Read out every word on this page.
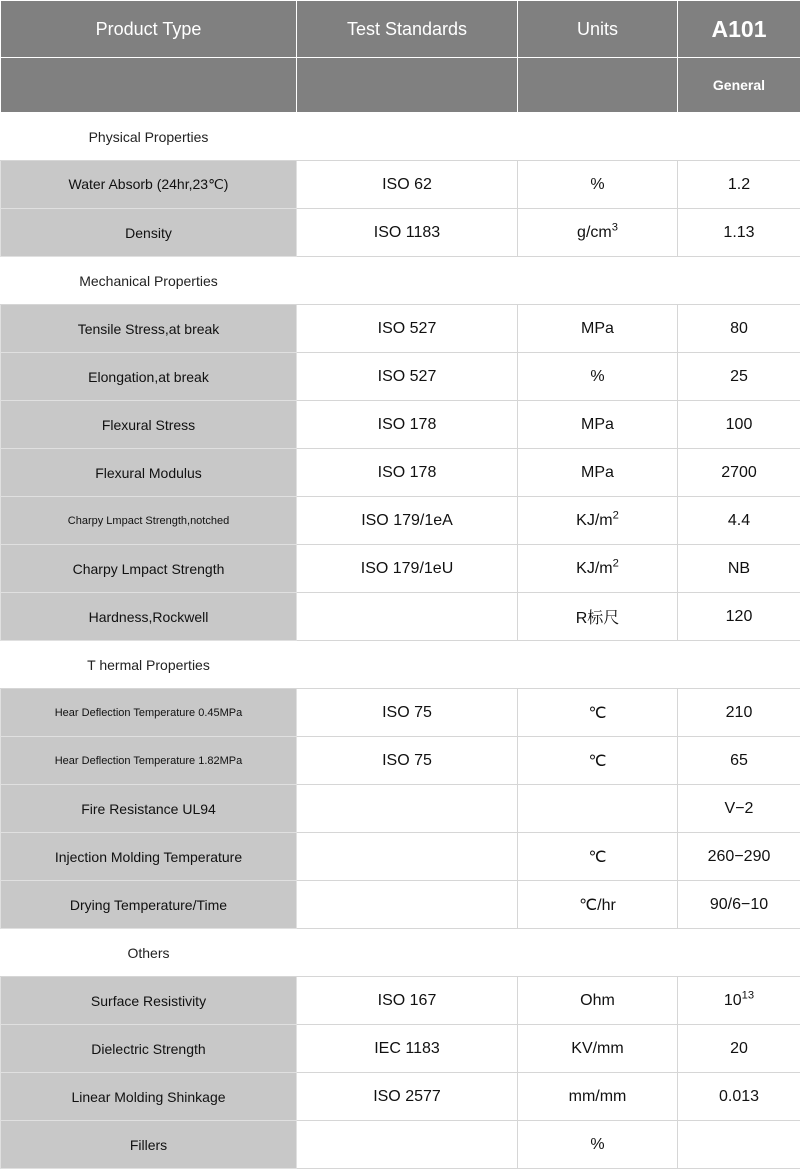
Product Type	Test Standards	Units	A101
			General
Physical Properties			
Water Absorb (24hr,23℃)	ISO 62	%	1.2
Density	ISO 1183	$g/cm^3$	1.13
Mechanical Properties			
Tensile Stress,at break	ISO 527	MPa	80
Elongation,at break	ISO 527	%	25
Flexural Stress	ISO 178	MPa	100
Flexural Modulus	ISO 178	MPa	2700
Charpy Lmpact Strength,notched	ISO 179/1eA	$KJ/m^2$	4.4
Charpy Lmpact Strength	ISO 179/1eU	$KJ/m^2$	NB
Hardness,Rockwell		R标尺	120
T hermal Properties			
Hear Deflection Temperature 0.45MPa	ISO 75	℃	210
Hear Deflection Temperature 1.82MPa	ISO 75	℃	65
Fire Resistance UL94			V−2
Injection Molding Temperature		℃	260−290
Drying Temperature/Time		℃/hr	90/6−10
Others			
Surface Resistivity	ISO 167	Ohm	$10^{13}$
Dielectric Strength	IEC 1183	KV/mm	20
Linear Molding Shinkage	ISO 2577	mm/mm	0.013
Fillers		%	
